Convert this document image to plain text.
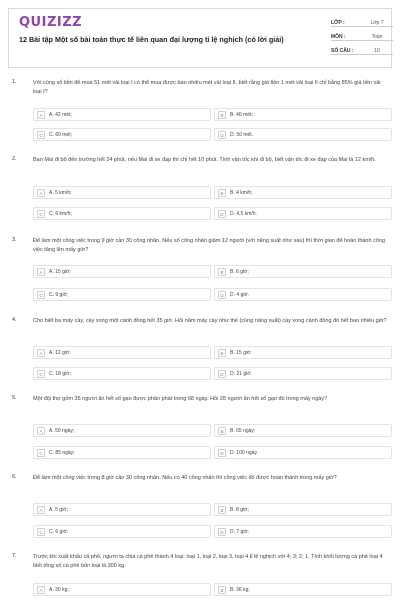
QUIZIZZ
12 Bài tập Một số bài toán thực tế liên quan đại lượng tỉ lệ nghịch (có lời giải)
LỚP :	Lớp 7
MÔN :	Toán
SỐ CÂU :	10
1.	Với cùng số tiền để mua 51 mét vải loại I có thể mua được bao nhiêu mét vải loại II, biết rằng giá tiền 1 mét vải loại II chỉ bằng 85% giá tiền vải loại I?
A	A. 42 mét;	B	B. 40 mét;
C	C. 60 mét;	D	D. 50 mét.
2.	Bạn Mai đi bộ đến trường hết 24 phút, nếu Mai đi xe đạp thì chỉ hết 10 phút. Tính vận tốc khi đi bộ, biết vận tốc đi xe đạp của Mai là 12 km/h.
A	A. 5 km/h;	B	B. 4 km/h;
C	C. 6 km/h;	D	D. 4,5 km/h.
3.	Để làm một công việc trong 9 giờ cần 30 công nhân. Nếu số công nhân giảm 12 người (với năng suất như sau) thì thời gian để hoàn thành công việc tăng lên mấy giờ?
A	A. 15 giờ;	B	B. 6 giờ;
C	C. 9 giờ;	D	D. 4 giờ.
4.	Cho biết ba máy cày, cày xong một cánh đồng hết 35 giờ. Hỏi năm máy cày như thế (cùng năng suất) cày xong cánh đồng đó hết bao nhiêu giờ?
A	A. 12 giờ;	B	B. 15 giờ;
C	C. 18 giờ;	D	D. 21 giờ.
5.	Một đội thợ gồm 35 người ăn hết số gạo được phân phát trong 68 ngày. Hỏi 28 người ăn hết số gạo đó trong mấy ngày?
A	A. 50 ngày;	B	B. 65 ngày;
C	C. 85 ngày;	D	D. 100 ngày.
6.	Để làm một công việc trong 8 giờ cần 30 công nhân. Nếu có 40 công nhân thì công việc đó được hoàn thành trong mấy giờ?
A	A. 5 giờ;	B	B. 8 giờ;
C	C. 6 giờ;	D	D. 7 giờ.
7.	Trước khi xuất khẩu cà phê, người ta chia cà phê thành 4 loại: loại 1, loại 2, loại 3, loại 4 tỉ lệ nghịch với 4; 3; 2; 1. Tính khối lượng cà phê loại 4 biết tổng số cà phê bốn loại là 300 kg.
A	A. 30 kg;	B	B. 36 kg;
